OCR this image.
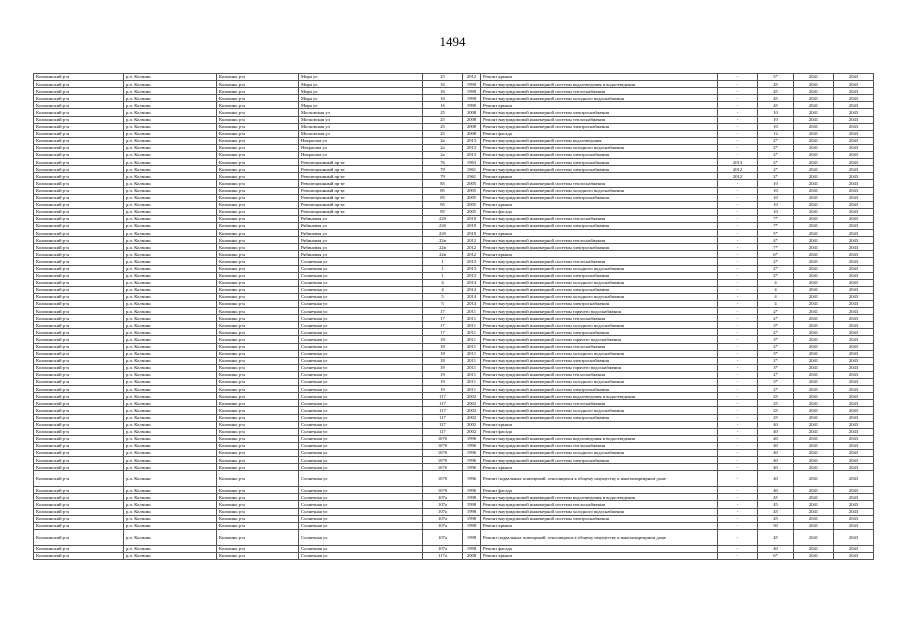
1494
Кольчинский р-н	р.п. Кольчин	Кольчинь р-н	Мира ул	25	2012	Ремонт крыши	-	5*	2041	2043
Кольчинский р-н	р.п. Кольчин	Кольчинь р-н	Мира ул	16	1990	Ремонт внутридомовой инженерной системы водоотведения и водоотведения	-	45	2041	2043
Кольчинский р-н	р.п. Кольчин	Кольчинь р-н	Мира ул	16	1990	Ремонт внутридомовой инженерной системы теплоснабжения	-	45	2041	2043
Кольчинский р-н	р.п. Кольчин	Кольчинь р-н	Мира ул	16	1990	Ремонт внутридомовой инженерной системы холодного водоснабжения	-	45	2041	2043
Кольчинский р-н	р.п. Кольчин	Кольчинь р-н	Мира ул	16	1990	Ремонт крыши	-	45	2041	2043
Кольчинский р-н	р.п. Кольчин	Кольчинь р-н	Московская ул	25	2008	Ремонт внутридомовой инженерной системы электроснабжения	-	10	2041	2043
Кольчинский р-н	р.п. Кольчин	Кольчинь р-н	Московская ул	25	2008	Ремонт внутридомовой инженерной системы теплоснабжения	-	10	2041	2043
Кольчинский р-н	р.п. Кольчин	Кольчинь р-н	Московская ул	25	2008	Ремонт внутридомовой инженерной системы электроснабжения	-	10	2041	2043
Кольчинский р-н	р.п. Кольчин	Кольчинь р-н	Московская ул	25	2008	Ремонт фасада	-	12	2041	2043
Кольчинский р-н	р.п. Кольчин	Кольчинь р-н	Некрасова ул	2а	2013	Ремонт внутридомовой инженерной системы водоотведения	-	2*	2041	2043
Кольчинский р-н	р.п. Кольчин	Кольчинь р-н	Некрасова ул	2а	2013	Ремонт внутридомовой инженерной системы холодного водоснабжения	-	2*	2041	2043
Кольчинский р-н	р.п. Кольчин	Кольчинь р-н	Некрасова ул	2а	2013	Ремонт внутридомовой инженерной системы электроснабжения	-	2*	2041	2043
Кольчинский р-н	р.п. Кольчин	Кольчинь р-н	Революционный пр-кт	76	1963	Ремонт внутридомовой инженерной системы электроснабжения	2013	2*	2041	2043
Кольчинский р-н	р.п. Кольчин	Кольчинь р-н	Революционный пр-кт	79	1961	Ремонт внутридомовой инженерной системы электроснабжения	2012	2*	2041	2043
Кольчинский р-н	р.п. Кольчин	Кольчинь р-н	Революционный пр-кт	79	1961	Ремонт крыши	2012	2*	2041	2043
Кольчинский р-н	р.п. Кольчин	Кольчинь р-н	Революционный пр-кт	85	2005	Ремонт внутридомовой инженерной системы теплоснабжения	-	10	2041	2043
Кольчинский р-н	р.п. Кольчин	Кольчинь р-н	Революционный пр-кт	85	2005	Ремонт внутридомовой инженерной системы холодного водоснабжения	-	10	2041	2043
Кольчинский р-н	р.п. Кольчин	Кольчинь р-н	Революционный пр-кт	85	2005	Ремонт внутридомовой инженерной системы электроснабжения	-	10	2041	2043
Кольчинский р-н	р.п. Кольчин	Кольчинь р-н	Революционный пр-кт	85	2005	Ремонт крыши	-	10	2041	2043
Кольчинский р-н	р.п. Кольчин	Кольчинь р-н	Революционный пр-кт	85	2005	Ремонт фасада	-	10	2041	2043
Кольчинский р-н	р.п. Кольчин	Кольчинь р-н	Рябиновая ул	22б	2010	Ремонт внутридомовой инженерной системы теплоснабжения	-	7*	2041	2043
Кольчинский р-н	р.п. Кольчин	Кольчинь р-н	Рябиновая ул	22б	2010	Ремонт внутридомовой инженерной системы электроснабжения	-	7*	2041	2043
Кольчинский р-н	р.п. Кольчин	Кольчинь р-н	Рябиновая ул	22б	2010	Ремонт крыши	-	5*	2041	2043
Кольчинский р-н	р.п. Кольчин	Кольчинь р-н	Рябиновая ул	22в	2012	Ремонт внутридомовой инженерной системы теплоснабжения	-	4*	2041	2043
Кольчинский р-н	р.п. Кольчин	Кольчинь р-н	Рябиновая ул	22в	2012	Ремонт внутридомовой инженерной системы электроснабжения	-	7*	2041	2043
Кольчинский р-н	р.п. Кольчин	Кольчинь р-н	Рябиновая ул	22в	2012	Ремонт крыши	-	6*	2041	2043
Кольчинский р-н	р.п. Кольчин	Кольчинь р-н	Солнечная ул	1	2013	Ремонт внутридомовой инженерной системы теплоснабжения	-	2*	2041	2043
Кольчинский р-н	р.п. Кольчин	Кольчинь р-н	Солнечная ул	1	2013	Ремонт внутридомовой инженерной системы холодного водоснабжения	-	2*	2041	2043
Кольчинский р-н	р.п. Кольчин	Кольчинь р-н	Солнечная ул	1	2013	Ремонт внутридомовой инженерной системы электроснабжения	-	2*	2041	2043
Кольчинский р-н	р.п. Кольчин	Кольчинь р-н	Солнечная ул	4	2014	Ремонт внутридомовой инженерной системы холодного водоснабжения	-	4	2041	2043
Кольчинский р-н	р.п. Кольчин	Кольчинь р-н	Солнечная ул	4	2014	Ремонт внутридомовой инженерной системы электроснабжения	-	4	2041	2043
Кольчинский р-н	р.п. Кольчин	Кольчинь р-н	Солнечная ул	5	2014	Ремонт внутридомовой инженерной системы холодного водоснабжения	-	4	2041	2043
Кольчинский р-н	р.п. Кольчин	Кольчинь р-н	Солнечная ул	5	2014	Ремонт внутридомовой инженерной системы электроснабжения	-	4	2041	2043
Кольчинский р-н	р.п. Кольчин	Кольчинь р-н	Солнечная ул	17	2011	Ремонт внутридомовой инженерной системы горячего водоснабжения	-	2*	2041	2043
Кольчинский р-н	р.п. Кольчин	Кольчинь р-н	Солнечная ул	17	2011	Ремонт внутридомовой инженерной системы теплоснабжения	-	2*	2041	2043
Кольчинский р-н	р.п. Кольчин	Кольчинь р-н	Солнечная ул	17	2011	Ремонт внутридомовой инженерной системы холодного водоснабжения	-	3*	2041	2043
Кольчинский р-н	р.п. Кольчин	Кольчинь р-н	Солнечная ул	17	2011	Ремонт внутридомовой инженерной системы электроснабжения	-	2*	2041	2043
Кольчинский р-н	р.п. Кольчин	Кольчинь р-н	Солнечная ул	18	2011	Ремонт внутридомовой инженерной системы горячего водоснабжения	-	3*	2041	2043
Кольчинский р-н	р.п. Кольчин	Кольчинь р-н	Солнечная ул	18	2011	Ремонт внутридомовой инженерной системы теплоснабжения	-	2*	2041	2043
Кольчинский р-н	р.п. Кольчин	Кольчинь р-н	Солнечная ул	18	2011	Ремонт внутридомовой инженерной системы холодного водоснабжения	-	3*	2041	2043
Кольчинский р-н	р.п. Кольчин	Кольчинь р-н	Солнечная ул	18	2011	Ремонт внутридомовой инженерной системы электроснабжения	-	2*	2041	2043
Кольчинский р-н	р.п. Кольчин	Кольчинь р-н	Солнечная ул	19	2011	Ремонт внутридомовой инженерной системы горячего водоснабжения	-	3*	2041	2043
Кольчинский р-н	р.п. Кольчин	Кольчинь р-н	Солнечная ул	19	2011	Ремонт внутридомовой инженерной системы теплоснабжения	-	2*	2041	2043
Кольчинский р-н	р.п. Кольчин	Кольчинь р-н	Солнечная ул	19	2011	Ремонт внутридомовой инженерной системы холодного водоснабжения	-	3*	2041	2043
Кольчинский р-н	р.п. Кольчин	Кольчинь р-н	Солнечная ул	19	2011	Ремонт внутридомовой инженерной системы электроснабжения	-	2*	2041	2043
Кольчинский р-н	р.п. Кольчин	Кольчинь р-н	Солнечная ул	117	2002	Ремонт внутридомовой инженерной системы водоотведения и водоотведения	-	25	2041	2043
Кольчинский р-н	р.п. Кольчин	Кольчинь р-н	Солнечная ул	117	2002	Ремонт внутридомовой инженерной системы теплоснабжения	-	25	2041	2043
Кольчинский р-н	р.п. Кольчин	Кольчинь р-н	Солнечная ул	117	2002	Ремонт внутридомовой инженерной системы холодного водоснабжения	-	25	2041	2043
Кольчинский р-н	р.п. Кольчин	Кольчинь р-н	Солнечная ул	117	2002	Ремонт внутридомовой инженерной системы электроснабжения	-	25	2041	2043
Кольчинский р-н	р.п. Кольчин	Кольчинь р-н	Солнечная ул	117	2002	Ремонт крыши	-	40	2041	2043
Кольчинский р-н	р.п. Кольчин	Кольчинь р-н	Солнечная ул	117	2002	Ремонт фасада	-	40	2041	2043
Кольчинский р-н	р.п. Кольчин	Кольчинь р-н	Солнечная ул	107б	1996	Ремонт внутридомовой инженерной системы водоотведения и водоотведения	-	40	2041	2043
Кольчинский р-н	р.п. Кольчин	Кольчинь р-н	Солнечная ул	107б	1996	Ремонт внутридомовой инженерной системы теплоснабжения	-	40	2041	2043
Кольчинский р-н	р.п. Кольчин	Кольчинь р-н	Солнечная ул	107б	1996	Ремонт внутридомовой инженерной системы холодного водоснабжения	-	40	2041	2043
Кольчинский р-н	р.п. Кольчин	Кольчинь р-н	Солнечная ул	107б	1996	Ремонт внутридомовой инженерной системы электроснабжения	-	40	2041	2043
Кольчинский р-н	р.п. Кольчин	Кольчинь р-н	Солнечная ул	107б	1996	Ремонт крыши	-	40	2041	2043
Кольчинский р-н	р.п. Кольчин	Кольчинь р-н	Солнечная ул	107б	1996	Ремонт подвальных помещений, относящихся к общему имуществу в многоквартирном доме	-	40	2041	2043
Кольчинский р-н	р.п. Кольчин	Кольчинь р-н	Солнечная ул	107б	1996	Ремонт фасада	-	40	2041	2043
Кольчинский р-н	р.п. Кольчин	Кольчинь р-н	Солнечная ул	107а	1998	Ремонт внутридомовой инженерной системы водоотведения и водоотведения	-	45	2041	2043
Кольчинский р-н	р.п. Кольчин	Кольчинь р-н	Солнечная ул	107а	1998	Ремонт внутридомовой инженерной системы теплоснабжения	-	45	2041	2043
Кольчинский р-н	р.п. Кольчин	Кольчинь р-н	Солнечная ул	107а	1998	Ремонт внутридомовой инженерной системы холодного водоснабжения	-	45	2041	2043
Кольчинский р-н	р.п. Кольчин	Кольчинь р-н	Солнечная ул	107а	1998	Ремонт внутридомовой инженерной системы электроснабжения	-	45	2041	2043
Кольчинский р-н	р.п. Кольчин	Кольчинь р-н	Солнечная ул	107а	1998	Ремонт крыши	-	50	2041	2043
Кольчинский р-н	р.п. Кольчин	Кольчинь р-н	Солнечная ул	107а	1998	Ремонт подвальных помещений, относящихся к общему имуществу в многоквартирном доме	-	45	2041	2043
Кольчинский р-н	р.п. Кольчин	Кольчинь р-н	Солнечная ул	107а	1998	Ремонт фасада	-	40	2041	2043
Кольчинский р-н	р.п. Кольчин	Кольчинь р-н	Солнечная ул	117а	2008	Ремонт крыши	-	6*	2041	2043
